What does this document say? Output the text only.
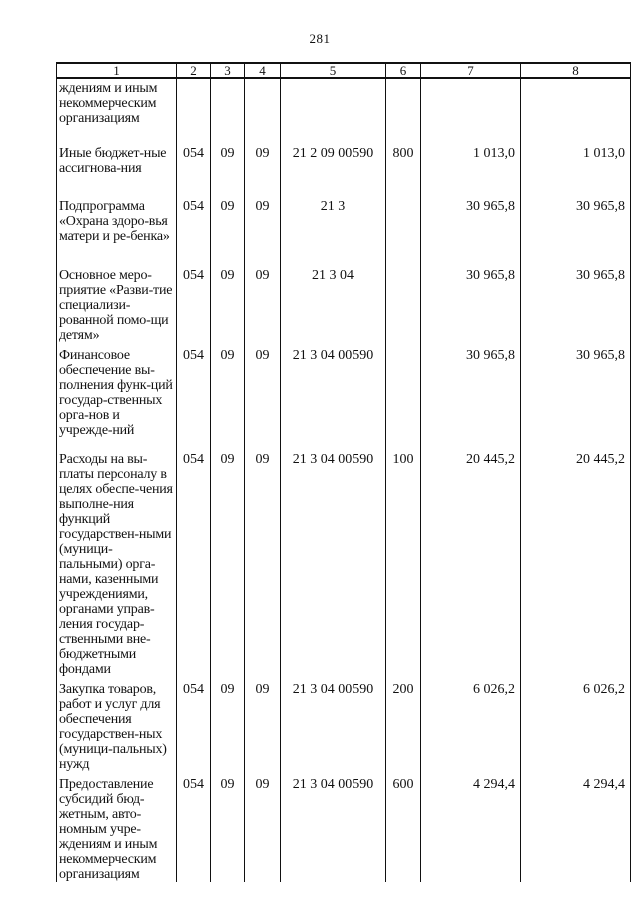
281
1	2	3	4	5	6	7	8
ждениям и иным некоммерческим организациям							
Иные бюджет-ные ассигнова-ния	054	09	09	21 2 09 00590	800	1 013,0	1 013,0
Подпрограмма «Охрана здоро-вья матери и ре-бенка»	054	09	09	21 3		30 965,8	30 965,8
Основное меро-приятие «Разви-тие специализи-рованной помо-щи детям»	054	09	09	21 3 04		30 965,8	30 965,8
Финансовое обеспечение вы-полнения функ-ций государ-ственных орга-нов и учрежде-ний	054	09	09	21 3 04 00590		30 965,8	30 965,8
Расходы на вы-платы персоналу в целях обеспе-чения выполне-ния функций государствен-ными (муници-пальными) орга-нами, казенными учреждениями, органами управ-ления государ-ственными вне-бюджетными фондами	054	09	09	21 3 04 00590	100	20 445,2	20 445,2
Закупка товаров, работ и услуг для обеспечения государствен-ных (муници-пальных) нужд	054	09	09	21 3 04 00590	200	6 026,2	6 026,2
Предоставление субсидий бюд-жетным, авто-номным учре-ждениям и иным некоммерческим организациям	054	09	09	21 3 04 00590	600	4 294,4	4 294,4
